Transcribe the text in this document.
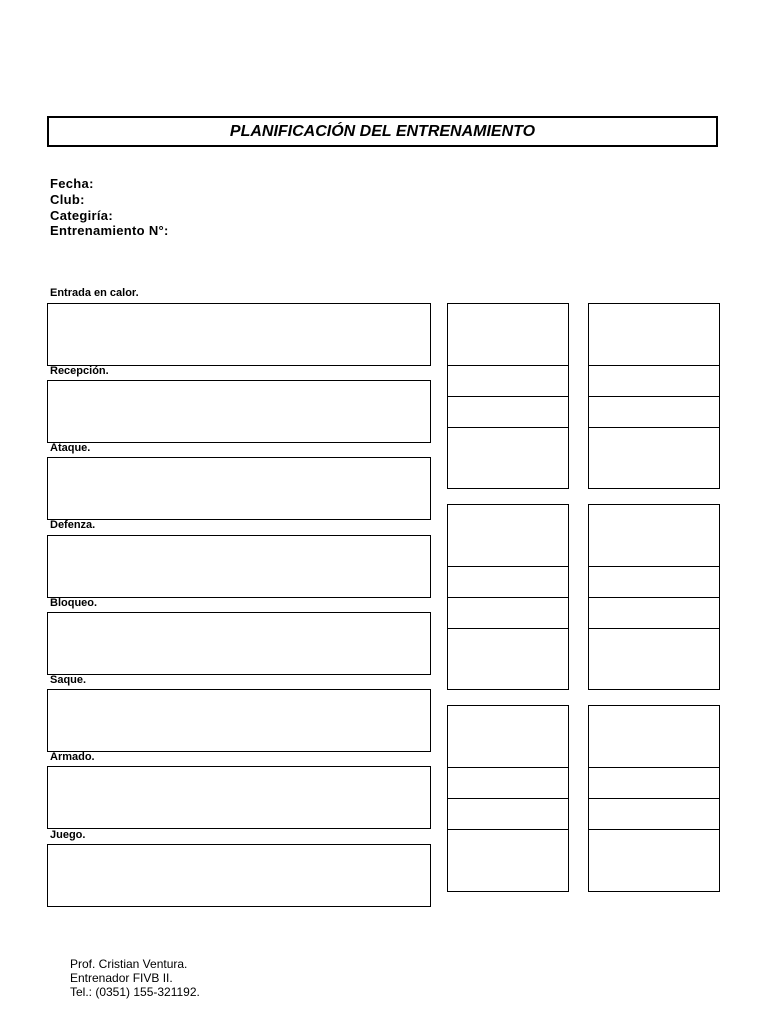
PLANIFICACIÓN DEL ENTRENAMIENTO
Fecha:
Club:
Categiría:
Entrenamiento N°:
Entrada en calor.
Recepción.
Ataque.
Defenza.
Bloqueo.
Saque.
Armado.
Juego.
Prof. Cristian Ventura.
Entrenador FIVB II.
Tel.: (0351) 155-321192.
